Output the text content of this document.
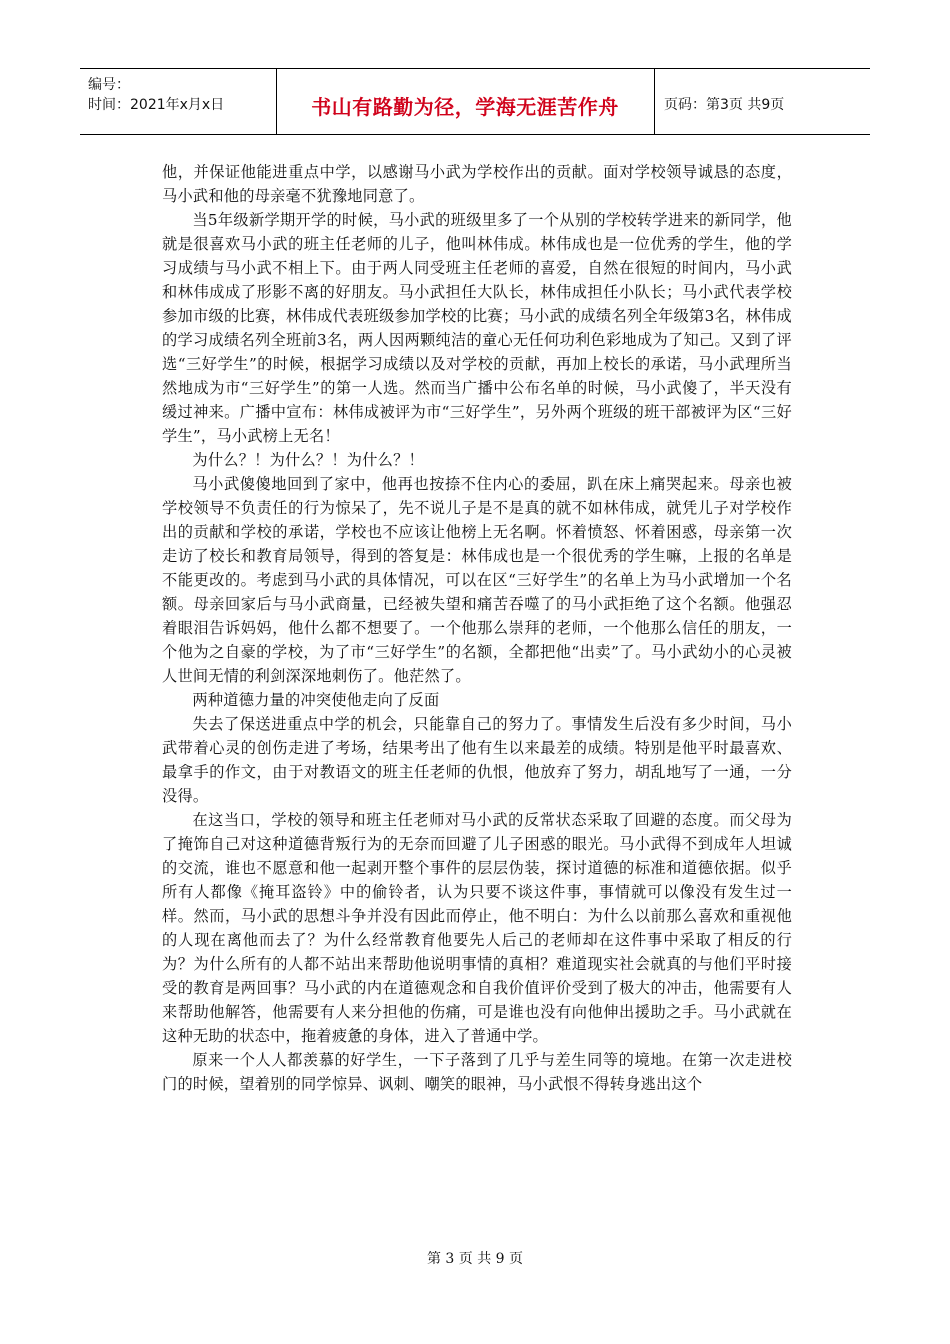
编号：
时间：2021年x月x日	书山有路勤为径，学海无涯苦作舟	页码：第3页 共9页

他，并保证他能进重点中学，以感谢马小武为学校作出的贡献。面对学校领导诚恳的态度，马小武和他的母亲毫不犹豫地同意了。

当5年级新学期开学的时候，马小武的班级里多了一个从别的学校转学进来的新同学，他就是很喜欢马小武的班主任老师的儿子，他叫林伟成。林伟成也是一位优秀的学生，他的学习成绩与马小武不相上下。由于两人同受班主任老师的喜爱，自然在很短的时间内，马小武和林伟成成了形影不离的好朋友。马小武担任大队长，林伟成担任小队长；马小武代表学校参加市级的比赛，林伟成代表班级参加学校的比赛；马小武的成绩名列全年级第3名，林伟成的学习成绩名列全班前3名，两人因两颗纯洁的童心无任何功利色彩地成为了知己。又到了评选“三好学生”的时候，根据学习成绩以及对学校的贡献，再加上校长的承诺，马小武理所当然地成为市“三好学生”的第一人选。然而当广播中公布名单的时候，马小武傻了，半天没有缓过神来。广播中宣布：林伟成被评为市“三好学生”，另外两个班级的班干部被评为区“三好学生”，马小武榜上无名！

为什么？！为什么？！为什么？！

马小武傻傻地回到了家中，他再也按捺不住内心的委屈，趴在床上痛哭起来。母亲也被学校领导不负责任的行为惊呆了，先不说儿子是不是真的就不如林伟成，就凭儿子对学校作出的贡献和学校的承诺，学校也不应该让他榜上无名啊。怀着愤怒、怀着困惑，母亲第一次走访了校长和教育局领导，得到的答复是：林伟成也是一个很优秀的学生嘛，上报的名单是不能更改的。考虑到马小武的具体情况，可以在区“三好学生”的名单上为马小武增加一个名额。母亲回家后与马小武商量，已经被失望和痛苦吞噬了的马小武拒绝了这个名额。他强忍着眼泪告诉妈妈，他什么都不想要了。一个他那么崇拜的老师，一个他那么信任的朋友，一个他为之自豪的学校，为了市“三好学生”的名额，全都把他“出卖”了。马小武幼小的心灵被人世间无情的利剑深深地刺伤了。他茫然了。

两种道德力量的冲突使他走向了反面

失去了保送进重点中学的机会，只能靠自己的努力了。事情发生后没有多少时间，马小武带着心灵的创伤走进了考场，结果考出了他有生以来最差的成绩。特别是他平时最喜欢、最拿手的作文，由于对教语文的班主任老师的仇恨，他放弃了努力，胡乱地写了一通，一分没得。

在这当口，学校的领导和班主任老师对马小武的反常状态采取了回避的态度。而父母为了掩饰自己对这种道德背叛行为的无奈而回避了儿子困惑的眼光。马小武得不到成年人坦诚的交流，谁也不愿意和他一起剥开整个事件的层层伪装，探讨道德的标准和道德依据。似乎所有人都像《掩耳盗铃》中的偷铃者，认为只要不谈这件事，事情就可以像没有发生过一样。然而，马小武的思想斗争并没有因此而停止，他不明白：为什么以前那么喜欢和重视他的人现在离他而去了？为什么经常教育他要先人后己的老师却在这件事中采取了相反的行为？为什么所有的人都不站出来帮助他说明事情的真相？难道现实社会就真的与他们平时接受的教育是两回事？马小武的内在道德观念和自我价值评价受到了极大的冲击，他需要有人来帮助他解答，他需要有人来分担他的伤痛，可是谁也没有向他伸出援助之手。马小武就在这种无助的状态中，拖着疲惫的身体，进入了普通中学。

原来一个人人都羡慕的好学生，一下子落到了几乎与差生同等的境地。在第一次走进校门的时候，望着别的同学惊异、讽刺、嘲笑的眼神，马小武恨不得转身逃出这个

第 3 页 共 9 页
